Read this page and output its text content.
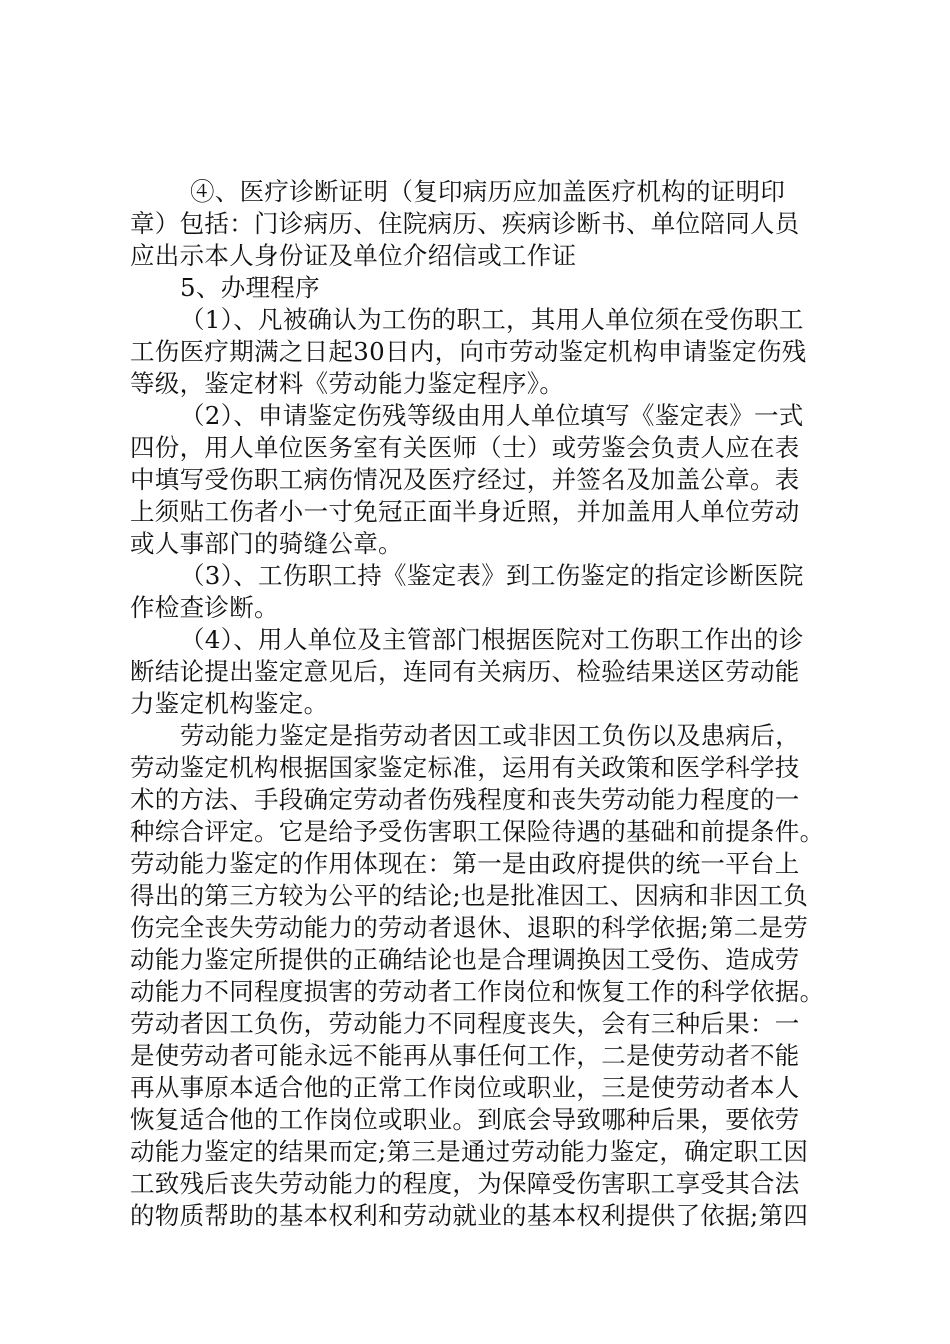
④、医疗诊断证明（复印病历应加盖医疗机构的证明印
章）包括：门诊病历、住院病历、疾病诊断书、单位陪同人员
应出示本人身份证及单位介绍信或工作证
5、办理程序
（1）、凡被确认为工伤的职工，其用人单位须在受伤职工
工伤医疗期满之日起30日内，向市劳动鉴定机构申请鉴定伤残
等级，鉴定材料《劳动能力鉴定程序》。
（2）、申请鉴定伤残等级由用人单位填写《鉴定表》一式
四份，用人单位医务室有关医师（士）或劳鉴会负责人应在表
中填写受伤职工病伤情况及医疗经过，并签名及加盖公章。表
上须贴工伤者小一寸免冠正面半身近照，并加盖用人单位劳动
或人事部门的骑缝公章。
（3）、工伤职工持《鉴定表》到工伤鉴定的指定诊断医院
作检查诊断。
（4）、用人单位及主管部门根据医院对工伤职工作出的诊
断结论提出鉴定意见后，连同有关病历、检验结果送区劳动能
力鉴定机构鉴定。
劳动能力鉴定是指劳动者因工或非因工负伤以及患病后，
劳动鉴定机构根据国家鉴定标准，运用有关政策和医学科学技
术的方法、手段确定劳动者伤残程度和丧失劳动能力程度的一
种综合评定。它是给予受伤害职工保险待遇的基础和前提条件。
劳动能力鉴定的作用体现在：第一是由政府提供的统一平台上
得出的第三方较为公平的结论;也是批准因工、因病和非因工负
伤完全丧失劳动能力的劳动者退休、退职的科学依据;第二是劳
动能力鉴定所提供的正确结论也是合理调换因工受伤、造成劳
动能力不同程度损害的劳动者工作岗位和恢复工作的科学依据。
劳动者因工负伤，劳动能力不同程度丧失，会有三种后果：一
是使劳动者可能永远不能再从事任何工作，二是使劳动者不能
再从事原本适合他的正常工作岗位或职业，三是使劳动者本人
恢复适合他的工作岗位或职业。到底会导致哪种后果，要依劳
动能力鉴定的结果而定;第三是通过劳动能力鉴定，确定职工因
工致残后丧失劳动能力的程度，为保障受伤害职工享受其合法
的物质帮助的基本权利和劳动就业的基本权利提供了依据;第四
